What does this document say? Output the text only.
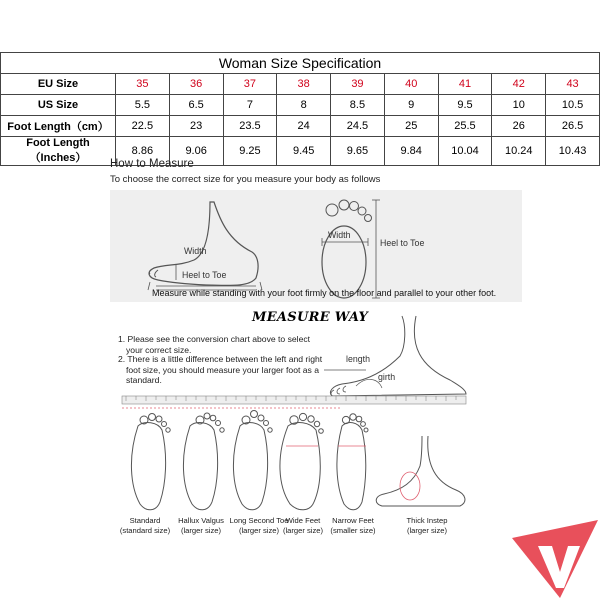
Woman Size Specification									
EU Size	35	36	37	38	39	40	41	42	43
US Size	5.5	6.5	7	8	8.5	9	9.5	10	10.5
Foot Length（cm）	22.5	23	23.5	24	24.5	25	25.5	26	26.5
Foot Length（Inches）	8.86	9.06	9.25	9.45	9.65	9.84	10.04	10.24	10.43
How to Measure
To choose the correct size for you measure your body as follows
Width
Heel to Toe
Width
Heel to Toe
Measure while standing with your foot firmly on the floor and parallel to your other foot.
MEASURE WAY
1. Please see the conversion chart above to select your correct size.
2. There is a little difference between the left and right foot size, you should measure your larger foot as a standard.
length
girth
Standard
(standard size)
Hallux Valgus
(larger size)
Long Second Toe
(larger size)
Wide Feet
(larger size)
Narrow Feet
(smaller size)
Thick Instep
(larger size)
